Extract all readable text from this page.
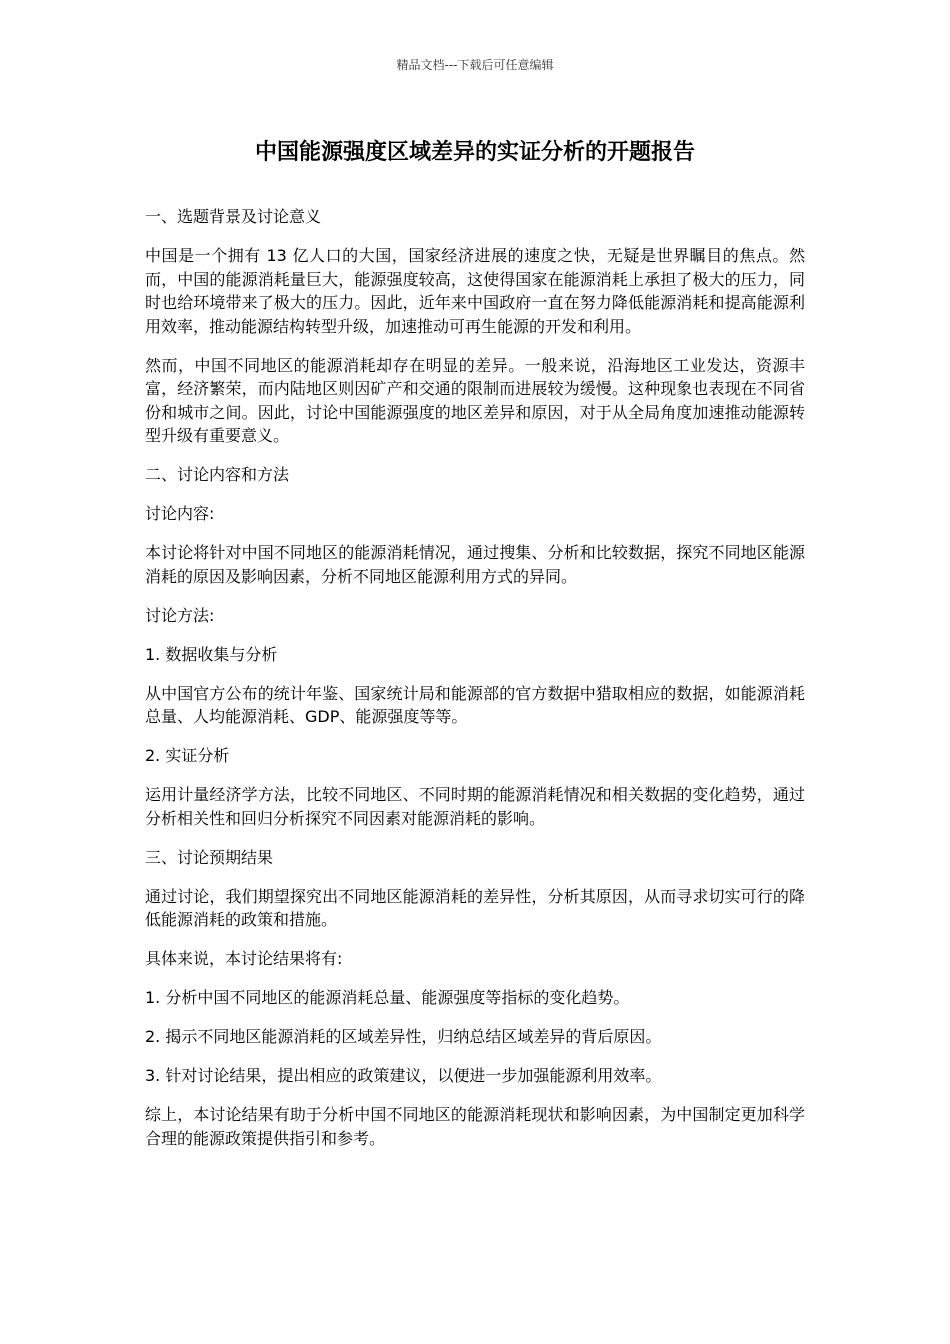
精品文档---下载后可任意编辑
中国能源强度区域差异的实证分析的开题报告

一、选题背景及讨论意义

中国是一个拥有 13 亿人口的大国，国家经济进展的速度之快，无疑是世界瞩目的焦点。然而，中国的能源消耗量巨大，能源强度较高，这使得国家在能源消耗上承担了极大的压力，同时也给环境带来了极大的压力。因此，近年来中国政府一直在努力降低能源消耗和提高能源利用效率，推动能源结构转型升级，加速推动可再生能源的开发和利用。

然而，中国不同地区的能源消耗却存在明显的差异。一般来说，沿海地区工业发达，资源丰富，经济繁荣，而内陆地区则因矿产和交通的限制而进展较为缓慢。这种现象也表现在不同省份和城市之间。因此，讨论中国能源强度的地区差异和原因，对于从全局角度加速推动能源转型升级有重要意义。

二、讨论内容和方法

讨论内容:

本讨论将针对中国不同地区的能源消耗情况，通过搜集、分析和比较数据，探究不同地区能源消耗的原因及影响因素，分析不同地区能源利用方式的异同。

讨论方法:

1. 数据收集与分析

从中国官方公布的统计年鉴、国家统计局和能源部的官方数据中猎取相应的数据，如能源消耗总量、人均能源消耗、GDP、能源强度等等。

2. 实证分析

运用计量经济学方法，比较不同地区、不同时期的能源消耗情况和相关数据的变化趋势，通过分析相关性和回归分析探究不同因素对能源消耗的影响。

三、讨论预期结果

通过讨论，我们期望探究出不同地区能源消耗的差异性，分析其原因，从而寻求切实可行的降低能源消耗的政策和措施。

具体来说，本讨论结果将有:

1. 分析中国不同地区的能源消耗总量、能源强度等指标的变化趋势。

2. 揭示不同地区能源消耗的区域差异性，归纳总结区域差异的背后原因。

3. 针对讨论结果，提出相应的政策建议，以便进一步加强能源利用效率。

综上，本讨论结果有助于分析中国不同地区的能源消耗现状和影响因素，为中国制定更加科学合理的能源政策提供指引和参考。
